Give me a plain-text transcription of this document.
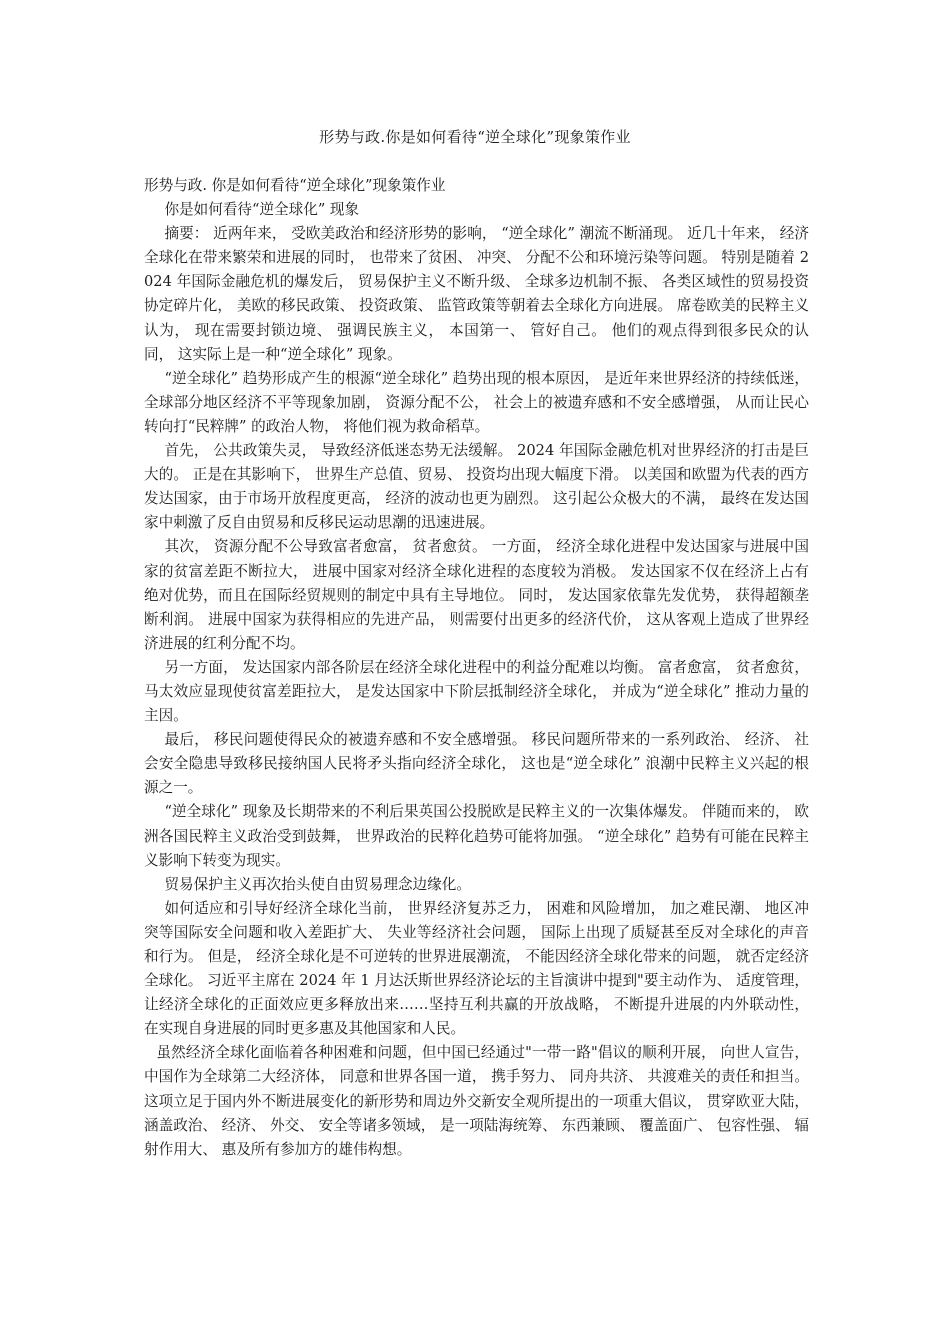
形势与政.你是如何看待“逆全球化”现象策作业

形势与政. 你是如何看待“逆全球化”现象策作业

你是如何看待“逆全球化” 现象

摘要： 近两年来， 受欧美政治和经济形势的影响， “逆全球化” 潮流不断涌现。 近几十年来， 经济全球化在带来繁荣和进展的同时， 也带来了贫困、 冲突、 分配不公和环境污染等问题。 特别是随着 2024 年国际金融危机的爆发后， 贸易保护主义不断升级、 全球多边机制不振、 各类区域性的贸易投资协定碎片化， 美欧的移民政策、 投资政策、 监管政策等朝着去全球化方向进展。 席卷欧美的民粹主义认为， 现在需要封锁边境、 强调民族主义， 本国第一、 管好自己。 他们的观点得到很多民众的认同， 这实际上是一种“逆全球化” 现象。

“逆全球化” 趋势形成产生的根源“逆全球化” 趋势出现的根本原因， 是近年来世界经济的持续低迷，全球部分地区经济不平等现象加剧， 资源分配不公， 社会上的被遗弃感和不安全感增强， 从而让民心转向打“民粹牌” 的政治人物， 将他们视为救命稻草。

首先， 公共政策失灵， 导致经济低迷态势无法缓解。 2024 年国际金融危机对世界经济的打击是巨大的。 正是在其影响下， 世界生产总值、贸易、 投资均出现大幅度下滑。 以美国和欧盟为代表的西方发达国家，由于市场开放程度更高， 经济的波动也更为剧烈。 这引起公众极大的不满， 最终在发达国家中刺激了反自由贸易和反移民运动思潮的迅速进展。

其次， 资源分配不公导致富者愈富， 贫者愈贫。 一方面， 经济全球化进程中发达国家与进展中国家的贫富差距不断拉大， 进展中国家对经济全球化进程的态度较为消极。 发达国家不仅在经济上占有绝对优势，而且在国际经贸规则的制定中具有主导地位。 同时， 发达国家依靠先发优势， 获得超额垄断利润。 进展中国家为获得相应的先进产品， 则需要付出更多的经济代价， 这从客观上造成了世界经济进展的红利分配不均。

另一方面， 发达国家内部各阶层在经济全球化进程中的利益分配难以均衡。 富者愈富， 贫者愈贫， 马太效应显现使贫富差距拉大， 是发达国家中下阶层抵制经济全球化， 并成为“逆全球化” 推动力量的主因。

最后， 移民问题使得民众的被遗弃感和不安全感增强。 移民问题所带来的一系列政治、 经济、 社会安全隐患导致移民接纳国人民将矛头指向经济全球化， 这也是“逆全球化” 浪潮中民粹主义兴起的根源之一。

“逆全球化” 现象及长期带来的不利后果英国公投脱欧是民粹主义的一次集体爆发。 伴随而来的， 欧洲各国民粹主义政治受到鼓舞， 世界政治的民粹化趋势可能将加强。 “逆全球化” 趋势有可能在民粹主义影响下转变为现实。

贸易保护主义再次抬头使自由贸易理念边缘化。

如何适应和引导好经济全球化当前， 世界经济复苏乏力， 困难和风险增加， 加之难民潮、 地区冲突等国际安全问题和收入差距扩大、 失业等经济社会问题， 国际上出现了质疑甚至反对全球化的声音和行为。 但是， 经济全球化是不可逆转的世界进展潮流， 不能因经济全球化带来的问题， 就否定经济全球化。 习近平主席在 2024 年 1 月达沃斯世界经济论坛的主旨演讲中提到"要主动作为、 适度管理， 让经济全球化的正面效应更多释放出来……坚持互利共赢的开放战略， 不断提升进展的内外联动性， 在实现自身进展的同时更多惠及其他国家和人民。

虽然经济全球化面临着各种困难和问题，但中国已经通过"一带一路"倡议的顺利开展， 向世人宣告， 中国作为全球第二大经济体， 同意和世界各国一道， 携手努力、 同舟共济、 共渡难关的责任和担当。 这项立足于国内外不断进展变化的新形势和周边外交新安全观所提出的一项重大倡议， 贯穿欧亚大陆， 涵盖政治、 经济、 外交、 安全等诸多领域， 是一项陆海统筹、 东西兼顾、 覆盖面广、 包容性强、 辐射作用大、 惠及所有参加方的雄伟构想。
